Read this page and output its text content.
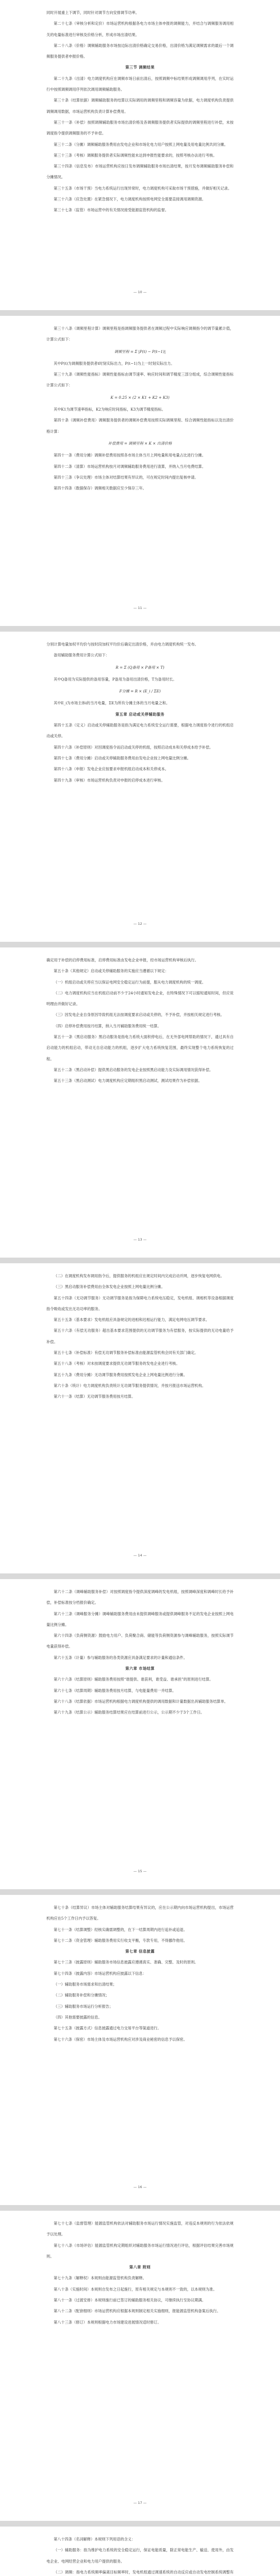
同时开展重上下调节，同时针对调节方向安排调节功率。

第二十七条（审核分析和定价）市场运营机构根据各电力市场主体申报的调频能力，并结合与调频服务调用相关的电量标准进行审核及价格分析，形成市场出清结果。

第二十八条（价格）调频辅助服务市场按边际出清价格确定交易价格，出清价格为满足调频需求的最后一个调频服务提供者申报价格。

第三节 调频结果

第二十九条（出清）电力调度机构应在调频市场日前出清后，按照调频中标结果形成调频调用序列，在实时运行中按照调频调用序列依次调用调频辅助服务。

第三十条（结算依据）调频辅助服务的结算以实际调用的调频里程和调频容量为依据，电力调度机构负责提供调频调用数据，市场运营机构负责计算补偿费用。

第三十一条（补偿）按照调频辅助服务市场出清价格及各调频服务提供者实际提供的调频里程进行补偿，未按调度指令提供调频服务的不予补偿。

第三十二条（分摊）调频辅助服务费用由发电企业和市场化电力用户按照上网电量及用电量比例共同分摊。

第三十三条（考核）调频服务提供者实际调频性能未达到申报性能要求的，按照考核办法进行考核。

第三十四条（信息发布）市场运营机构应按日发布调频辅助服务市场出清结果，按月发布调频辅助服务补偿和分摊情况。

第三十五条（市场干预）当电力系统运行出现异常时，电力调度机构可采取市场干预措施，并做好相关记录。

第三十六条（应急处置）在紧急情况下，电力调度机构按照电网安全需要直接调用调频资源。

第三十七条（监管）市场运营中的有关情况接受能源监管机构的监督。

— 10 —

第三十八条（调频里程计算）调频里程是指调频服务提供者在调频过程中实际响应调频指令的调节量累计值，计算公式如下：

调频里程 = Σ |P(t) − P(t−1)|

其中P(t)为调频服务提供者t时刻实际出力，P(t−1)为上一时刻实际出力。

第三十九条（调频性能指标）调频性能指标由调节速率、响应时间和调节精度三部分组成，综合调频性能指标计算公式如下：

K = 0.25 × (2 × K1 + K2 + K3)

其中K1为调节速率指标，K2为响应时间指标，K3为调节精度指标。

第四十条（调频补偿费用）调频服务提供者的调频补偿费用按照实际调频里程、综合调频性能指标以及出清价格计算：

补偿费用 = 调频里程 × K × 出清价格

第四十一条（费用分摊）调频补偿费用按照各市场主体当月上网电量和用电量占比进行分摊。

第四十二条（清算）市场运营机构按月对调频辅助服务费用进行清算，并纳入当月电费结算。

第四十三条（争议处理）市场主体对结算结果有异议的，可在规定时间内提出复核申请。

第四十四条（数据保存）调频相关数据应至少保存三年。

— 11 —

分别计算电量加权平均价与按时段加权平均价后确定出清价格，并由电力调度机构统一发布。

备用辅助服务费用计算公式如下：

R = Σ (Q备用 × P备用 × T)

其中Q备用为实际提供的备用容量，P备用为备用出清价格，T为备用时长。

F分摊 = R × (E_i / ΣE)

其中E_i为市场主体i的当月电量，ΣE为所有分摊主体的当月电量之和。

第五章 启动或关停辅助服务

第四十五条（定义）启动或关停辅助服务是指为满足电力系统安全运行需要，根据电力调度指令进行的机组启动或关停。

第四十六条（补偿原则）对因调度指令而启动或关停的机组，按照启动成本和关停成本给予补偿。

第四十七条（费用分摊）启动或关停辅助服务费用由发电企业按上网电量比例分摊。

第四十八条（申报）发电企业应按要求申报机组启动成本和关停成本。

第四十九条（审核）市场运营机构负责对申报的启停成本进行审核。

— 12 —

确定用于补偿的启停费用标准，启停费用标准由发电企业申报，经市场运营机构审核后执行。

第五十条（其他规定）启动或关停辅助服务的实施应当遵循以下规定：

（一）机组启动或关停应当以保证电网安全稳定运行为前提，服从电力调度机构的统一调度。

（二）电力调度机构应当在机组启动前不少于24小时通知发电企业，在特殊情况下可以缩短通知时间，但应说明理由并做好记录。

（三）因发电企业自身原因导致机组无法按调度要求启动或关停的，不予补偿，并按相关规定进行考核。

（四）启停补偿费用按月结算，纳入当月辅助服务费用统一结算。

第五十一条（黑启动服务）黑启动服务是指电力系统大面积停电后，在无外部电网帮助的情况下，通过具有自启动能力的机组启动，带动无自启动能力的机组，逐步扩大电力系统恢复范围，最终实现整个电力系统恢复的过程。

第五十二条（黑启动补偿）提供黑启动服务的发电企业按照黑启动能力及实际调用情况获得补偿。

第五十三条（黑启动测试）电力调度机构应定期组织黑启动测试，测试结果作为补偿依据。

— 13 —

（二）在调度机构发布调用指令后，提供服务的机组应在规定时间内完成启动并网，逐步恢复电网供电。

（三）黑启动服务补偿费用由全体发电企业按照上网电量比例分摊。

第五十四条（无功调节服务）无功调节服务是指为保障电力系统电压稳定，发电机组、调相机等设备根据调度指令吸收或发出无功功率的服务。

第五十五条（基本要求）发电机组应具备规定的进相和迟相运行能力，满足电网电压调节要求。

第五十六条（有偿无功服务）超出基本要求范围提供的无功调节服务为有偿服务，按实际提供的无功电量给予补偿。

第五十七条（补偿标准）有偿无功调节服务补偿标准由能源监管机构会同有关部门确定。

第五十八条（考核）对未按调度要求提供无功调节服务的发电企业进行考核。

第五十九条（费用分摊）无功调节服务费用按照发电企业上网电量比例进行分摊。

第六十条（统计）电力调度机构负责统计无功调节服务提供情况，并按月报送市场运营机构。

第六十一条（结算）无功调节服务费用按月结算。

— 14 —

第六十二条（调峰辅助服务补偿）对按照调度指令提供深度调峰的发电机组，按照调峰深度和调峰时长给予补偿，补偿标准按分档报价确定。

第六十三条（调峰服务分摊）调峰辅助服务费用由未提供调峰服务或提供调峰服务不足的发电企业按照上网电量比例分摊。

第六十四条（负荷侧资源）鼓励电力用户、负荷聚合商、储能等负荷侧资源参与调峰辅助服务，按照实际调节电量获得补偿。

第六十五条（计量）参与辅助服务的各类资源应具备满足要求的计量和通信条件。

第六章 市场结算

第六十六条（结算原则）辅助服务费用按照“谁提供、谁获利，谁受益、谁承担”的原则进行结算。

第六十七条（结算周期）辅助服务费用按月结算，与电能量费用一并结算。

第六十八条（结算依据）市场运营机构根据电力调度机构提供的调用数据和计量数据出具辅助服务结算单。

第六十九条（结算公示）辅助服务结算结果应在结算前进行公示，公示期不少于3个工作日。

— 15 —

第七十条（结算异议）市场主体对辅助服务结算结果有异议的，应在公示期内向市场运营机构提出，市场运营机构应在5个工作日内予以答复。

第七十一条（结算调整）经核实确需调整的，在下一结算周期内进行追补或追退。

第七十二条（资金管理）辅助服务费用实行收支平衡，专款专用，不得挪作他用。

第七章 信息披露

第七十三条（披露原则）辅助服务市场信息披露应遵循真实、准确、完整、及时的原则。

第七十四条（披露内容）市场运营机构应披露以下信息：

（一）辅助服务市场需求和出清结果；

（二）辅助服务补偿和分摊情况；

（三）辅助服务市场运行分析报告；

（四）其他需要披露的信息。

第七十五条（披露方式）信息披露通过电力交易平台等渠道进行。

第七十六条（保密）市场主体及市场运营机构应对涉及商业秘密的信息予以保密。

— 16 —

第七十七条（监督管理）能源监管机构依法对辅助服务市场运行情况实施监管，对违反本规则的行为依法依规予以处理。

第七十八条（市场评估）能源监管机构定期组织对辅助服务市场运行情况进行评估，根据评估结果完善市场规则。

第八章 附则

第七十九条（解释权）本规则由能源监管机构负责解释。

第八十条（实施时间）本规则自发布之日起施行，原有相关规定与本规则不一致的，以本规则为准。

第八十一条（过渡安排）本规则施行前已签订的辅助服务相关协议，可继续执行至协议期满。

第八十二条（配套细则）市场运营机构应根据本规则制定相关实施细则，报能源监管机构备案后执行。

第八十三条（修订）本规则根据电力市场建设进展情况适时修订。

— 17 —

第八十四条（名词解释）本规则下列用语的含义：

（一）辅助服务：指为维护电力系统的安全稳定运行，保证电能质量，除正常电能生产、输送、使用外，由发电企业、电网经营企业和电力用户提供的服务。

（二）调频：指电力系统频率偏离目标频率时，发电机组通过调速系统的自动反应或自动发电控制系统调整有
